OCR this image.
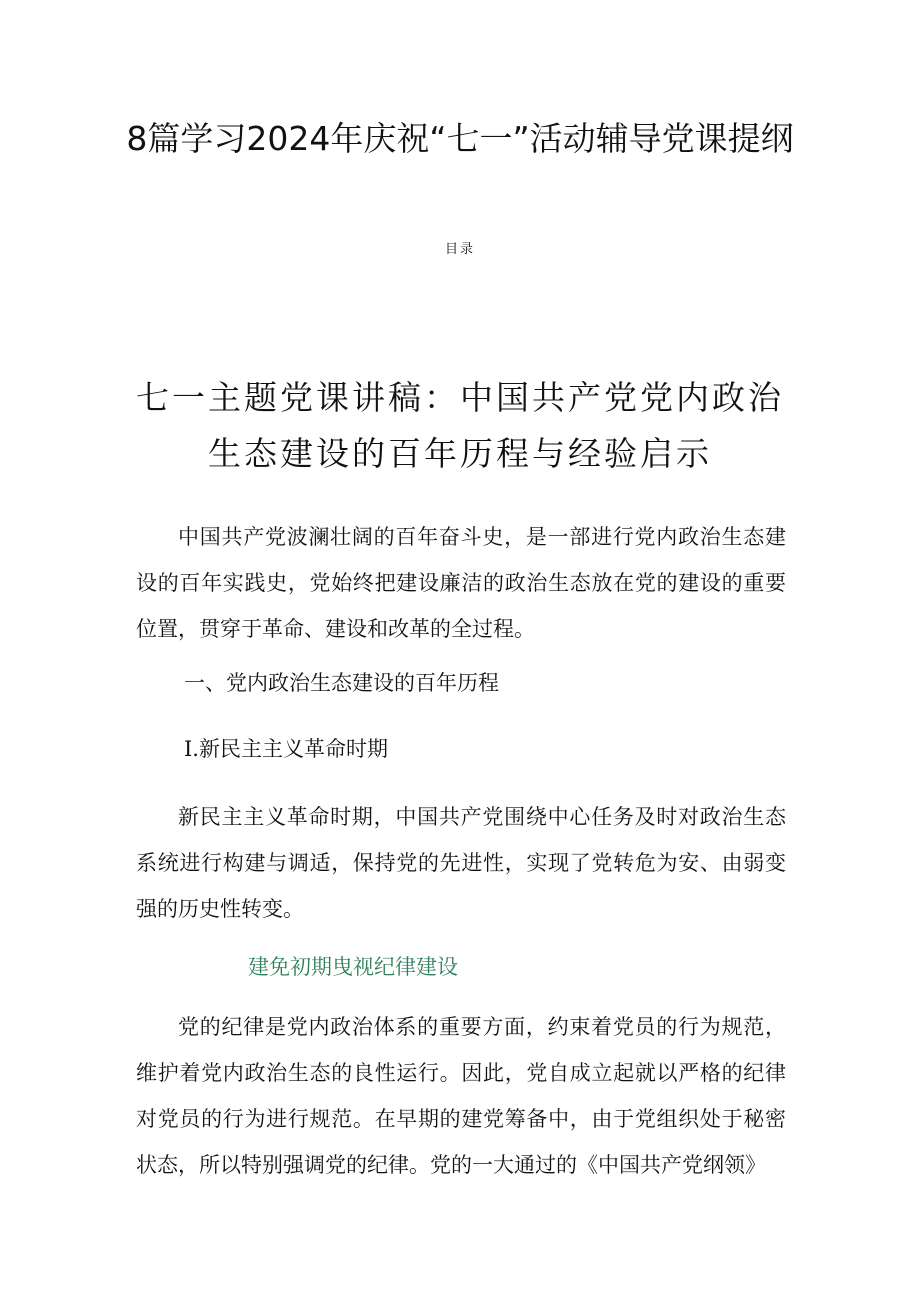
8篇学习2024年庆祝“七一”活动辅导党课提纲
目录
七一主题党课讲稿：中国共产党党内政治生态建设的百年历程与经验启示

中国共产党波澜壮阔的百年奋斗史，是一部进行党内政治生态建设的百年实践史，党始终把建设廉洁的政治生态放在党的建设的重要位置，贯穿于革命、建设和改革的全过程。

一、党内政治生态建设的百年历程

I.新民主主义革命时期

新民主主义革命时期，中国共产党围绕中心任务及时对政治生态系统进行构建与调适，保持党的先进性，实现了党转危为安、由弱变强的历史性转变。

建免初期曳视纪律建设

党的纪律是党内政治体系的重要方面，约束着党员的行为规范，维护着党内政治生态的良性运行。因此，党自成立起就以严格的纪律对党员的行为进行规范。在早期的建党筹备中，由于党组织处于秘密状态，所以特别强调党的纪律。党的一大通过的《中国共产党纲领》
